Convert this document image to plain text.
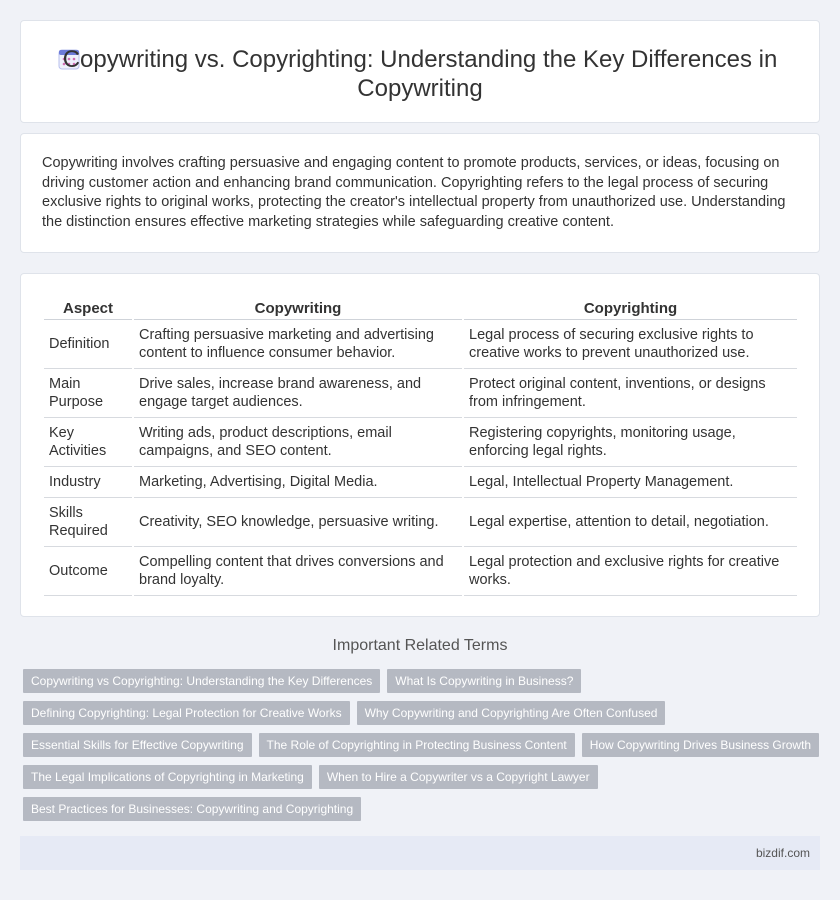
Copywriting vs. Copyrighting: Understanding the Key Differences in Copywriting

Copywriting involves crafting persuasive and engaging content to promote products, services, or ideas, focusing on driving customer action and enhancing brand communication. Copyrighting refers to the legal process of securing exclusive rights to original works, protecting the creator's intellectual property from unauthorized use. Understanding the distinction ensures effective marketing strategies while safeguarding creative content.

Aspect	Copywriting	Copyrighting
Definition	Crafting persuasive marketing and advertising content to influence consumer behavior.	Legal process of securing exclusive rights to creative works to prevent unauthorized use.
Main Purpose	Drive sales, increase brand awareness, and engage target audiences.	Protect original content, inventions, or designs from infringement.
Key Activities	Writing ads, product descriptions, email campaigns, and SEO content.	Registering copyrights, monitoring usage, enforcing legal rights.
Industry	Marketing, Advertising, Digital Media.	Legal, Intellectual Property Management.
Skills Required	Creativity, SEO knowledge, persuasive writing.	Legal expertise, attention to detail, negotiation.
Outcome	Compelling content that drives conversions and brand loyalty.	Legal protection and exclusive rights for creative works.
Important Related Terms
Copywriting vs Copyrighting: Understanding the Key Differences	What Is Copywriting in Business?
Defining Copyrighting: Legal Protection for Creative Works	Why Copywriting and Copyrighting Are Often Confused
Essential Skills for Effective Copywriting	The Role of Copyrighting in Protecting Business Content	How Copywriting Drives Business Growth
The Legal Implications of Copyrighting in Marketing	When to Hire a Copywriter vs a Copyright Lawyer
Best Practices for Businesses: Copywriting and Copyrighting
bizdif.com
